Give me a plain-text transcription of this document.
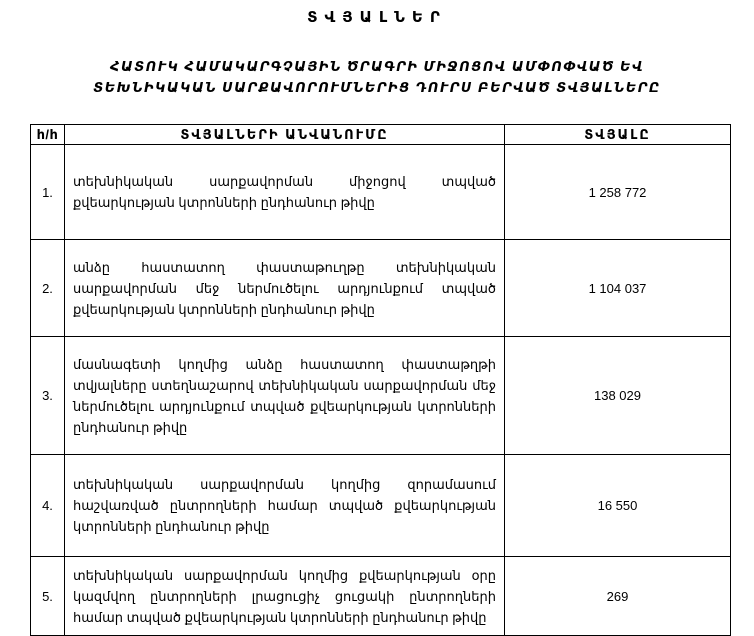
ՏՎՅԱԼՆԵՐ

ՀԱՏՈՒԿ ՀԱՄԱԿԱՐԳՉԱՅԻՆ ԾՐԱԳՐԻ ՄԻՋՈՑՈՎ ԱՄՓՈՓՎԱԾ ԵՎ

ՏԵԽՆԻԿԱԿԱՆ ՍԱՐՔԱՎՈՐՈՒՄՆԵՐԻՑ ԴՈՒՐՍ ԲԵՐՎԱԾ ՏՎՅԱԼՆԵՐԸ

հ/հ	ՏՎՅԱԼՆԵՐԻ ԱՆՎԱՆՈՒՄԸ	ՏՎՅԱԼԸ
1.	տեխնիկական սարքավորման միջոցով տպված քվեարկության կտրոնների ընդհանուր թիվը	1 258 772
2.	անձը հաստատող փաստաթուղթը տեխնիկական սարքավորման մեջ ներմուծելու արդյունքում տպված քվեարկության կտրոնների ընդհանուր թիվը	1 104 037
3.	մասնագետի կողմից անձը հաստատող փաստաթղթի տվյալները ստեղնաշարով տեխնիկական սարքավորման մեջ ներմուծելու արդյունքում տպված քվեարկության կտրոնների ընդհանուր թիվը	138 029
4.	տեխնիկական սարքավորման կողմից զորամասում հաշվառված ընտրողների համար տպված քվեարկության կտրոնների ընդհանուր թիվը	16 550
5.	տեխնիկական սարքավորման կողմից քվեարկության օրը կազմվող ընտրողների լրացուցիչ ցուցակի ընտրողների համար տպված քվեարկության կտրոնների ընդհանուր թիվը	269
